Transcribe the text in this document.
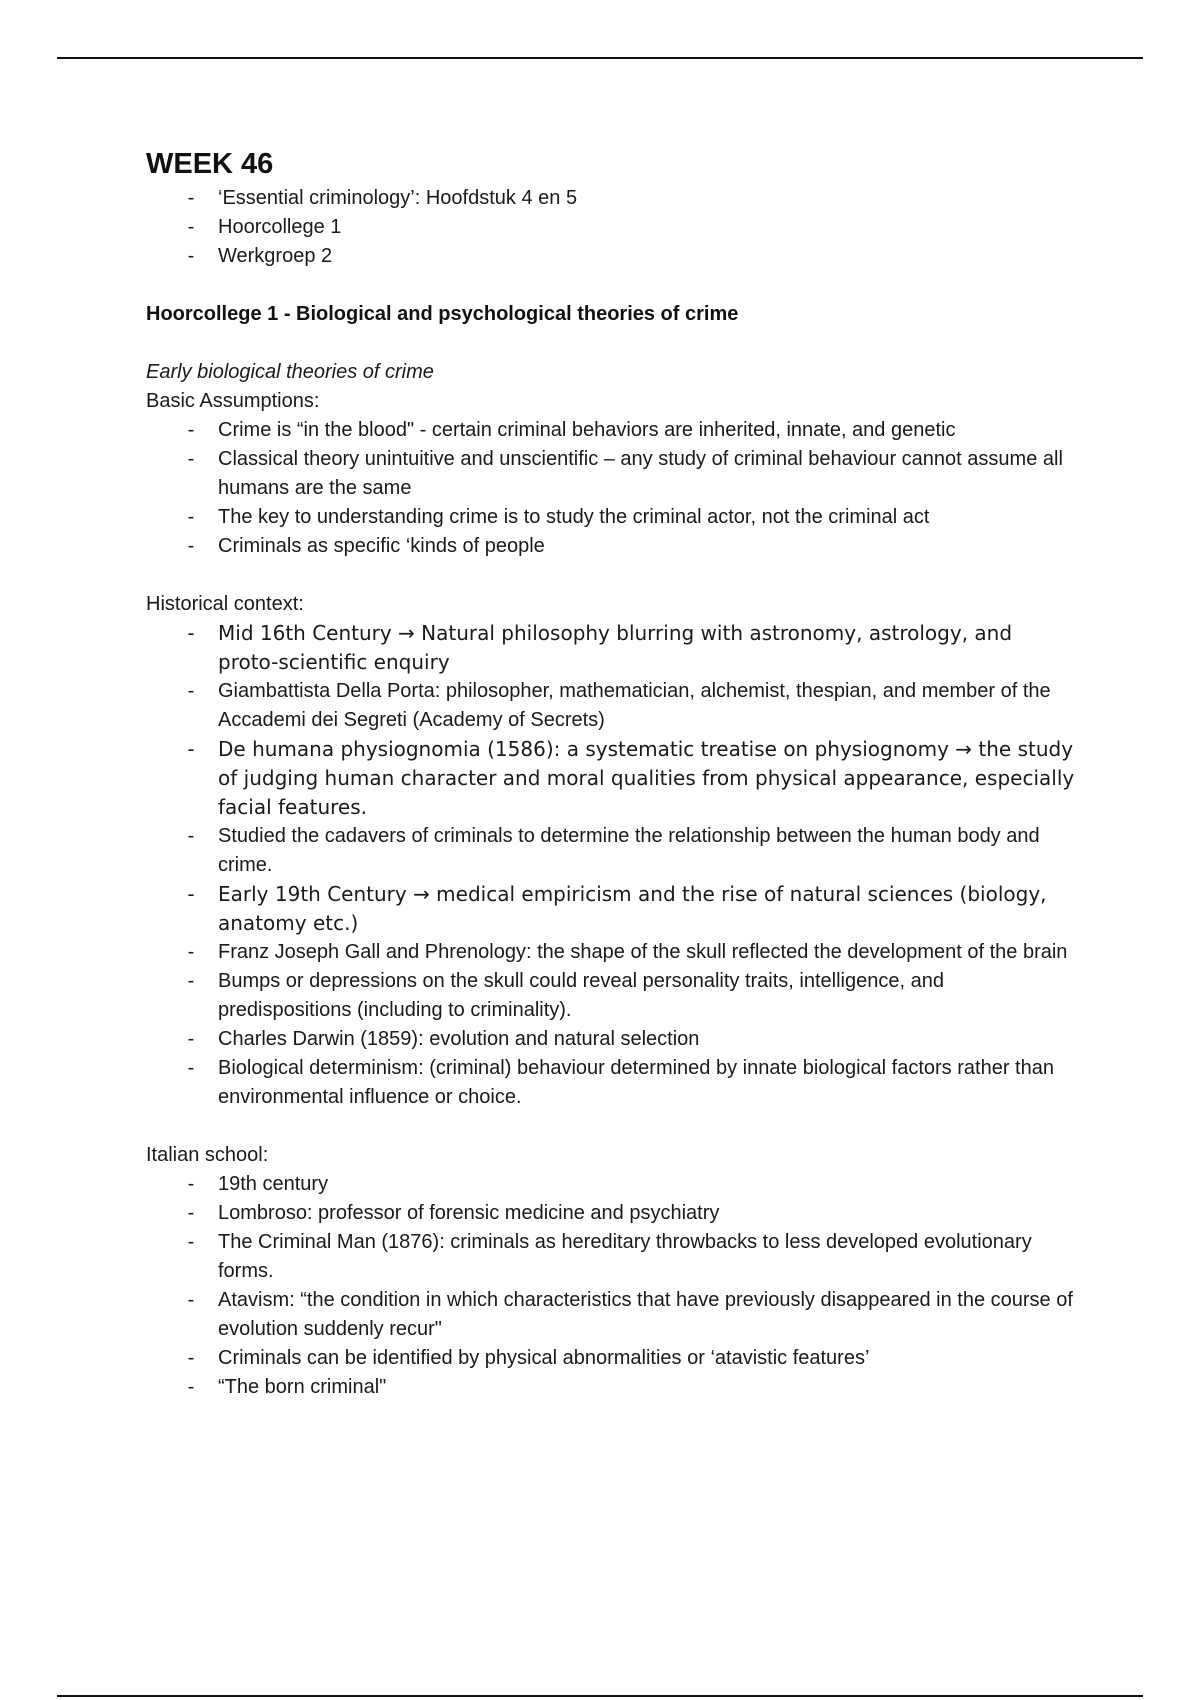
WEEK 46
- ‘Essential criminology’: Hoofdstuk 4 en 5
- Hoorcollege 1
- Werkgroep 2

Hoorcollege 1 - Biological and psychological theories of crime

Early biological theories of crime

Basic Assumptions:

- Crime is “in the blood" - certain criminal behaviors are inherited, innate, and genetic
- Classical theory unintuitive and unscientific – any study of criminal behaviour cannot assume all humans are the same
- The key to understanding crime is to study the criminal actor, not the criminal act
- Criminals as specific ‘kinds of people

Historical context:

- Mid 16th Century → Natural philosophy blurring with astronomy, astrology, and proto-scientific enquiry
- Giambattista Della Porta: philosopher, mathematician, alchemist, thespian, and member of the Accademi dei Segreti (Academy of Secrets)
- De humana physiognomia (1586): a systematic treatise on physiognomy → the study of judging human character and moral qualities from physical appearance, especially facial features.
- Studied the cadavers of criminals to determine the relationship between the human body and crime.
- Early 19th Century → medical empiricism and the rise of natural sciences (biology, anatomy etc.)
- Franz Joseph Gall and Phrenology: the shape of the skull reflected the development of the brain
- Bumps or depressions on the skull could reveal personality traits, intelligence, and predispositions (including to criminality).
- Charles Darwin (1859): evolution and natural selection
- Biological determinism: (criminal) behaviour determined by innate biological factors rather than environmental influence or choice.

Italian school:

- 19th century
- Lombroso: professor of forensic medicine and psychiatry
- The Criminal Man (1876): criminals as hereditary throwbacks to less developed evolutionary forms.
- Atavism: “the condition in which characteristics that have previously disappeared in the course of evolution suddenly recur"
- Criminals can be identified by physical abnormalities or ‘atavistic features’
- “The born criminal"
